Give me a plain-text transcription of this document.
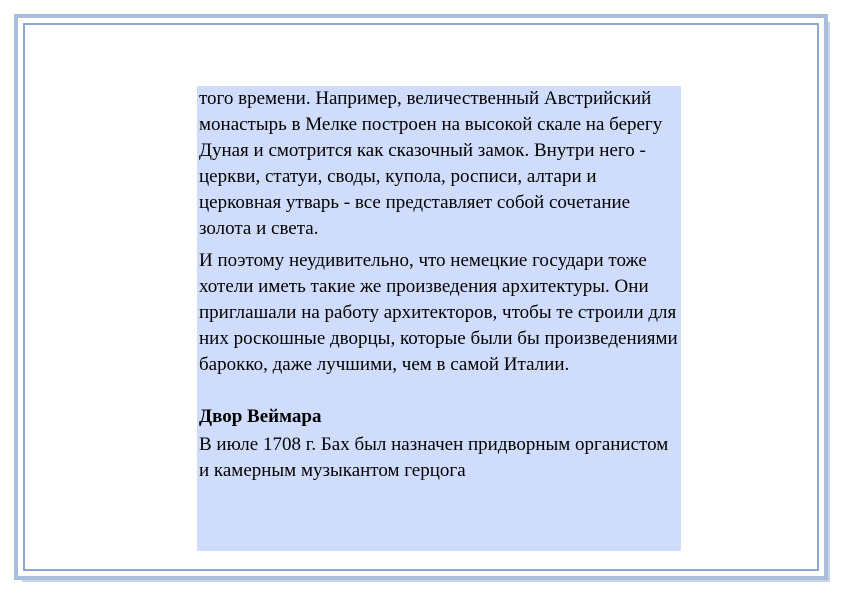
того времени. Например, величественный Австрийский монастырь в Мелке построен на высокой скале на берегу Дуная и смотрится как сказочный замок. Внутри него - церкви, статуи, своды, купола, росписи, алтари и церковная утварь - все представляет собой сочетание золота и света.

И поэтому неудивительно, что немецкие государи тоже хотели иметь такие же произведения архитектуры. Они приглашали на работу архитекторов, чтобы те строили для них роскошные дворцы, которые были бы произведениями барокко, даже лучшими, чем в самой Италии.

Двор Веймара

В июле 1708 г. Бах был назначен придворным органистом и камерным музыкантом герцога
